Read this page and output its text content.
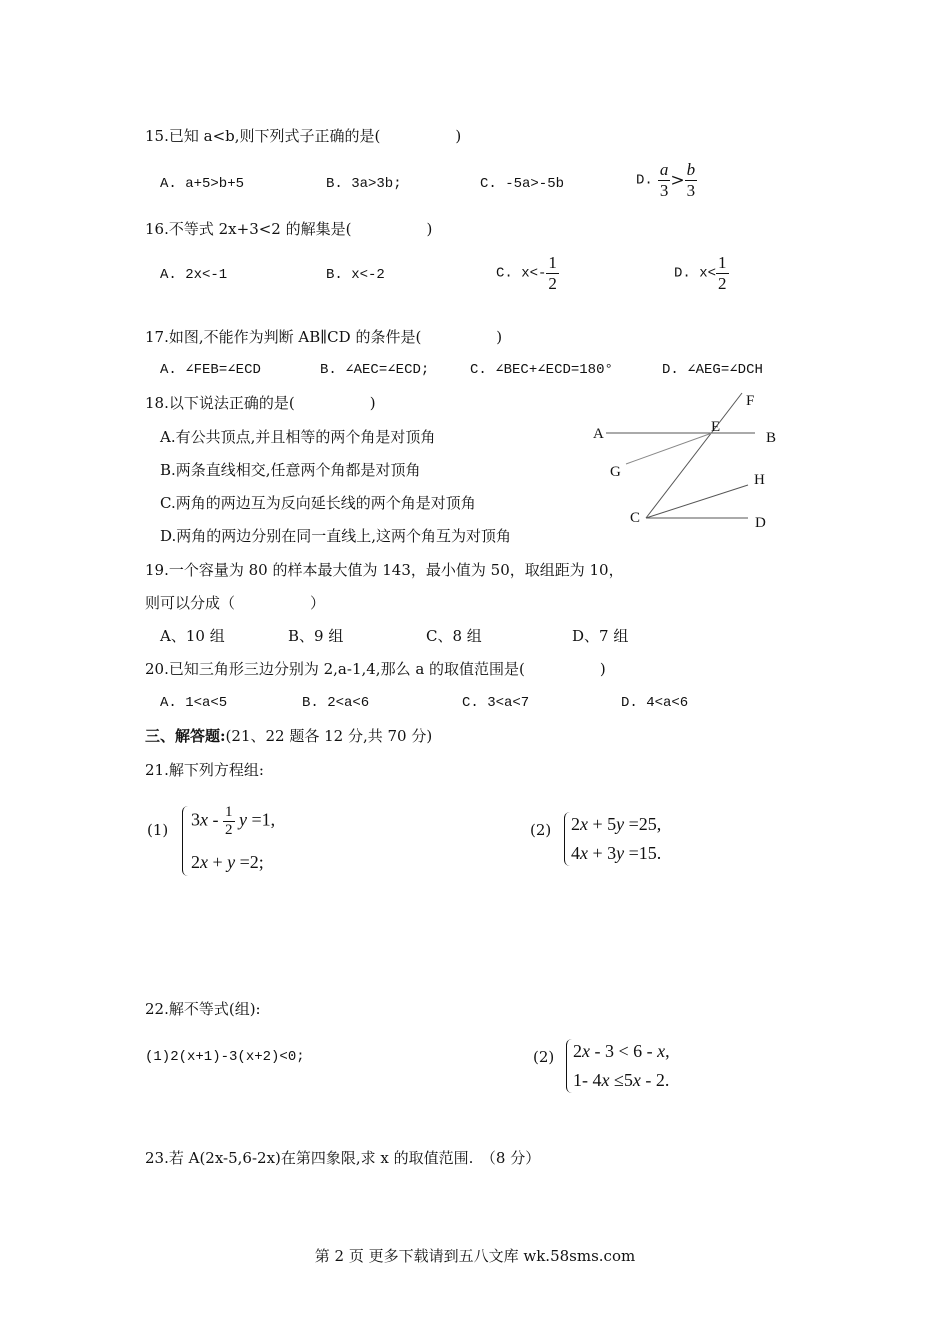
15.已知 a<b,则下列式子正确的是(　　　　　)
A. a+5>b+5	B. 3a>3b;	C. -5a>-5b	D. $\frac{a}{3} > \frac{b}{3}$
16.不等式 2x+3<2 的解集是(　　　　　)
A. 2x<-1	B. x<-2	C. $x<- \frac{1}{2}$	D. $x< \frac{1}{2}$
17.如图,不能作为判断 AB∥CD 的条件是(　　　　　)
A. ∠FEB=∠ECD	B. ∠AEC=∠ECD;	C. ∠BEC+∠ECD=180°	D. ∠AEG=∠DCH
18.以下说法正确的是(　　　　　)
A.有公共顶点,并且相等的两个角是对顶角
B.两条直线相交,任意两个角都是对顶角
C.两角的两边互为反向延长线的两个角是对顶角
D.两角的两边分别在同一直线上,这两个角互为对顶角
F
A	E
B
G	H
C	D
19.一个容量为 80 的样本最大值为 143，最小值为 50，取组距为 10，
则可以分成（　　　　　）
A、10 组	B、9 组	C、8 组	D、7 组
20.已知三角形三边分别为 2,a-1,4,那么 a 的取值范围是(　　　　　)
A. 1<a<5	B. 2<a<6	C. 3<a<7	D. 4<a<6
三、解答题:(21、22 题各 12 分,共 70 分)
21.解下列方程组:
(1)
$3x - \frac{1}{2}$ y =1,
2x + y =2;
(2) 2x + 5y =25,
4x + 3y =15.
22.解不等式(组):
(1)2(x+1)-3(x+2)<0;	(2) 2x - 3 < 6 - x,
1- 4x ≤5x - 2.
23.若 A(2x-5,6-2x)在第四象限,求 x 的取值范围.　（8 分）
第 2 页 更多下载请到五八文库 wk.58sms.com
